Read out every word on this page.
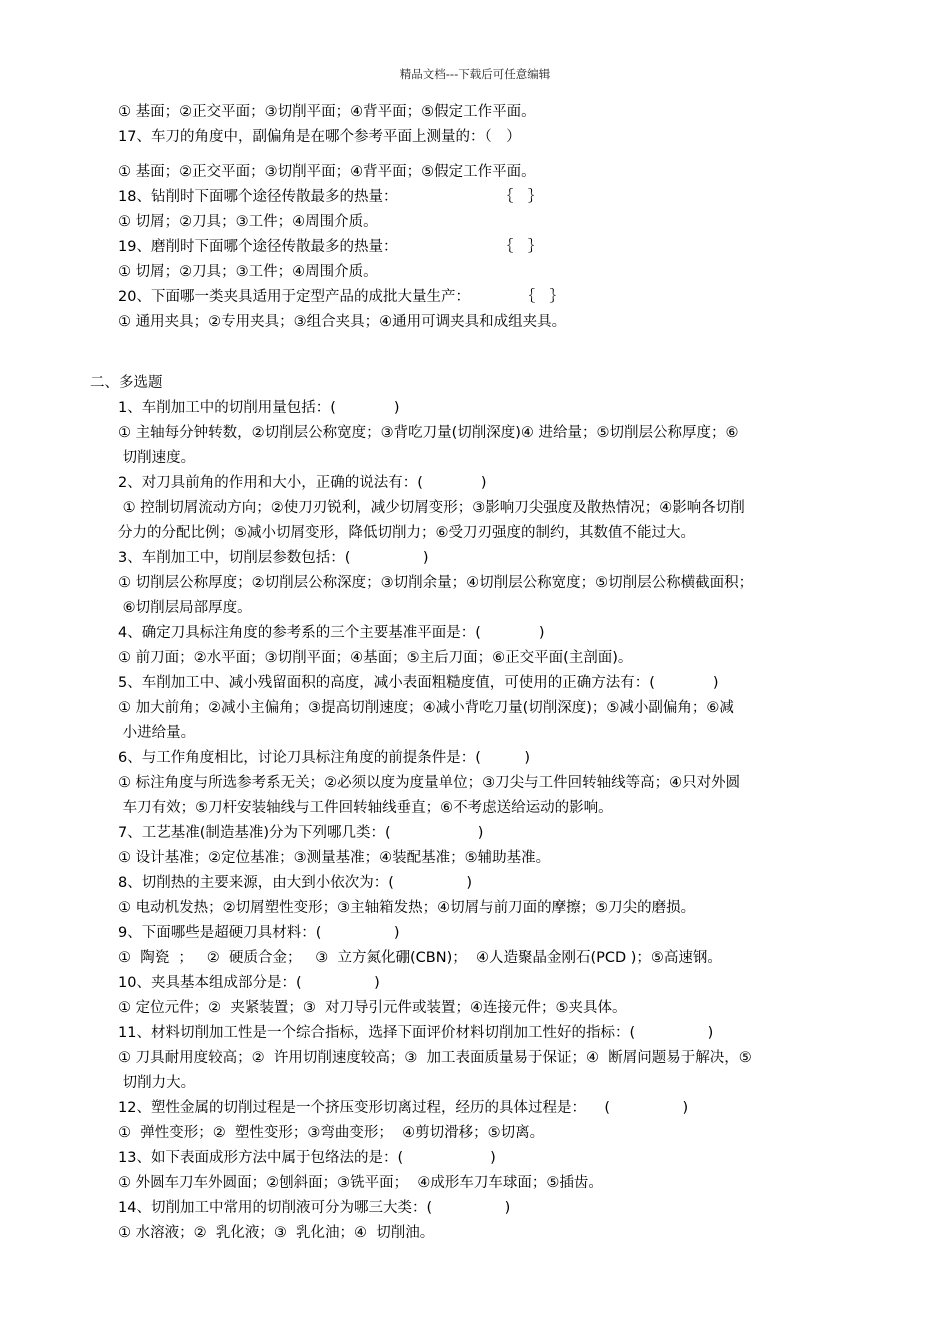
精品文档---下载后可任意编辑
① 基面；②正交平面；③切削平面；④背平面；⑤假定工作平面。
17、车刀的角度中，副偏角是在哪个参考平面上测量的：（　）
① 基面；②正交平面；③切削平面；④背平面；⑤假定工作平面。
18、钻削时下面哪个途径传散最多的热量：                      ｛　｝
① 切屑；②刀具；③工件；④周围介质。
19、磨削时下面哪个途径传散最多的热量：                      ｛　｝
① 切屑；②刀具；③工件；④周围介质。
20、下面哪一类夹具适用于定型产品的成批大量生产：           ｛　｝
① 通用夹具；②专用夹具；③组合夹具；④通用可调夹具和成组夹具。
二、多选题
1、车削加工中的切削用量包括：(　　　　)
① 主轴每分钟转数，②切削层公称宽度；③背吃刀量(切削深度)④ 进给量；⑤切削层公称厚度；⑥
切削速度。
2、对刀具前角的作用和大小，正确的说法有：(　　　　)
① 控制切屑流动方向；②使刀刃锐利，减少切屑变形；③影响刀尖强度及散热情况；④影响各切削
分力的分配比例；⑤减小切屑变形，降低切削力；⑥受刀刃强度的制约，其数值不能过大。
3、车削加工中，切削层参数包括：(　　　　　)
① 切削层公称厚度；②切削层公称深度；③切削余量；④切削层公称宽度；⑤切削层公称横截面积；
⑥切削层局部厚度。
4、确定刀具标注角度的参考系的三个主要基准平面是：(　　　　)
① 前刀面；②水平面；③切削平面；④基面；⑤主后刀面；⑥正交平面(主剖面)。
5、车削加工中、减小残留面积的高度，减小表面粗糙度值，可使用的正确方法有：(　　　　)
① 加大前角；②减小主偏角；③提高切削速度；④减小背吃刀量(切削深度)；⑤减小副偏角；⑥减
小进给量。
6、与工作角度相比，讨论刀具标注角度的前提条件是：(　　　)
① 标注角度与所选参考系无关；②必须以度为度量单位；③刀尖与工件回转轴线等高；④只对外圆
车刀有效；⑤刀杆安装轴线与工件回转轴线垂直；⑥不考虑送给运动的影响。
7、工艺基准(制造基准)分为下列哪几类：(　　　　　　)
① 设计基准；②定位基准；③测量基准；④装配基准；⑤辅助基准。
8、切削热的主要来源，由大到小依次为：(　　　　　)
① 电动机发热；②切屑塑性变形；③主轴箱发热；④切屑与前刀面的摩擦；⑤刀尖的磨损。
9、下面哪些是超硬刀具材料：(　　　　　)
①  陶瓷  ；   ②  硬质合金；   ③  立方氮化硼(CBN)；  ④人造聚晶金刚石(PCD )；⑤高速钢。
10、夹具基本组成部分是：(　　　　　)
① 定位元件；②  夹紧装置；③  对刀导引元件或装置；④连接元件；⑤夹具体。
11、材料切削加工性是一个综合指标，选择下面评价材料切削加工性好的指标：(　　　　　)
① 刀具耐用度较高；②  许用切削速度较高；③  加工表面质量易于保证；④  断屑问题易于解决，⑤
切削力大。
12、塑性金属的切削过程是一个挤压变形切离过程，经历的具体过程是：    (　　　　　)
①  弹性变形；②  塑性变形；③弯曲变形；  ④剪切滑移；⑤切离。
13、如下表面成形方法中属于包络法的是：(　　　　　　)
① 外圆车刀车外圆面；②刨斜面；③铣平面；  ④成形车刀车球面；⑤插齿。
14、切削加工中常用的切削液可分为哪三大类：(　　　　　)
① 水溶液；②  乳化液；③  乳化油；④  切削油。
